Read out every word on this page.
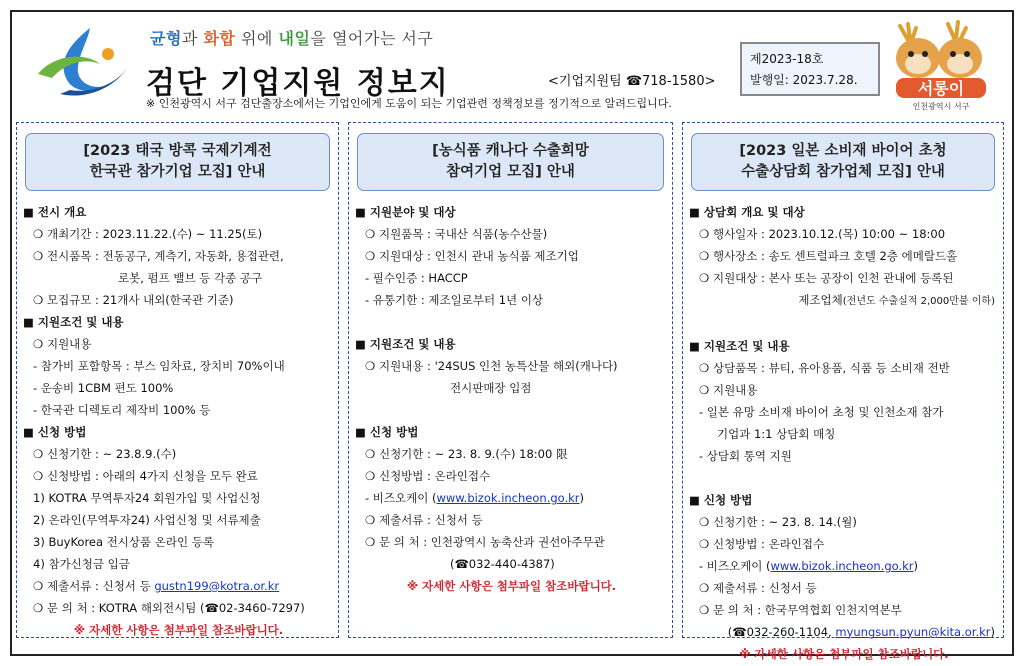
균형과 화합 위에 내일을 열어가는 서구
검단 기업지원 정보지	<기업지원팀 ☎718-1580>
※ 인천광역시 서구 검단출장소에서는 기업인에게 도움이 되는 기업관련 정책정보를 정기적으로 알려드립니다.
제2023-18호
발행일: 2023.7.28.	서롱이
인천광역시 서구
[2023 태국 방콕 국제기계전
한국관 참가기업 모집] 안내
■ 전시 개요
❍ 개최기간 : 2023.11.22.(수) ~ 11.25(토)
❍ 전시품목 : 전동공구, 계측기, 자동화, 용접관련,
로봇, 펌프 밸브 등 각종 공구
❍ 모집규모 : 21개사 내외(한국관 기준)
■ 지원조건 및 내용
❍ 지원내용
- 참가비 포함항목 : 부스 임차료, 장치비 70%이내
- 운송비 1CBM 편도 100%
- 한국관 디렉토리 제작비 100% 등
■ 신청 방법
❍ 신청기한 : ~ 23.8.9.(수)
❍ 신청방법 : 아래의 4가지 신청을 모두 완료
1) KOTRA 무역투자24 회원가입 및 사업신청
2) 온라인(무역투자24) 사업신청 및 서류제출
3) BuyKorea 전시상품 온라인 등록
4) 참가신청금 입금
❍ 제출서류 : 신청서 등 gustn199@kotra.or.kr
❍ 문 의 처 : KOTRA 해외전시팀 (☎02-3460-7297)
※ 자세한 사항은 첨부파일 참조바랍니다.
[농식품 캐나다 수출희망
참여기업 모집] 안내
■ 지원분야 및 대상
❍ 지원품목 : 국내산 식품(농수산물)
❍ 지원대상 : 인천시 관내 농식품 제조기업
- 필수인증 : HACCP
- 유통기한 : 제조일로부터 1년 이상
■ 지원조건 및 내용
❍ 지원내용 : '24SUS 인천 농특산물 해외(캐나다)
전시판매장 입점
■ 신청 방법
❍ 신청기한 : ~ 23. 8. 9.(수) 18:00 限
❍ 신청방법 : 온라인접수
- 비즈오케이 (www.bizok.incheon.go.kr)
❍ 제출서류 : 신청서 등
❍ 문 의 처 : 인천광역시 농축산과 권선아주무관
(☎032-440-4387)
※ 자세한 사항은 첨부파일 참조바랍니다.
[2023 일본 소비재 바이어 초청
수출상담회 참가업체 모집] 안내
■ 상담회 개요 및 대상
❍ 행사일자 : 2023.10.12.(목) 10:00 ~ 18:00
❍ 행사장소 : 송도 센트럴파크 호텔 2층 에메랄드홀
❍ 지원대상 : 본사 또는 공장이 인천 관내에 등록된
제조업체(전년도 수출실적 2,000만불 이하)
■ 지원조건 및 내용
❍ 상담품목 : 뷰티, 유아용품, 식품 등 소비재 전반
❍ 지원내용
- 일본 유망 소비재 바이어 초청 및 인천소재 참가
기업과 1:1 상담회 매칭
- 상담회 통역 지원
■ 신청 방법
❍ 신청기한 : ~ 23. 8. 14.(월)
❍ 신청방법 : 온라인접수
- 비즈오케이 (www.bizok.incheon.go.kr)
❍ 제출서류 : 신청서 등
❍ 문 의 처 : 한국무역협회 인천지역본부
(☎032-260-1104, myungsun.pyun@kita.or.kr)
※ 자세한 사항은 첨부파일 참조바랍니다.
